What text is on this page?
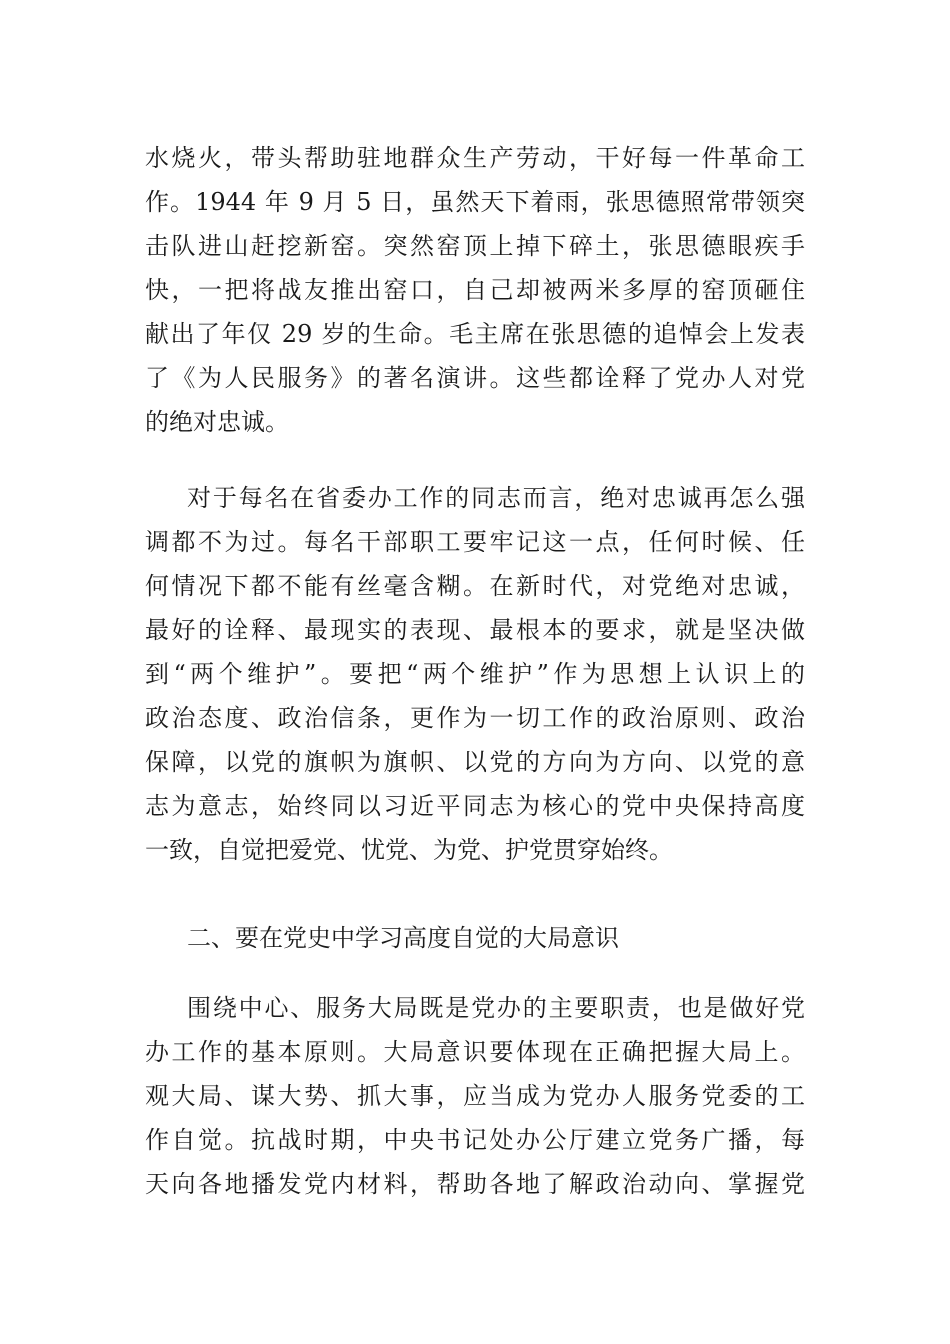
水烧火，带头帮助驻地群众生产劳动，干好每一件革命工
作。1944 年 9 月 5 日，虽然天下着雨，张思德照常带领突
击队进山赶挖新窑。突然窑顶上掉下碎土，张思德眼疾手
快，一把将战友推出窑口，自己却被两米多厚的窑顶砸住
献出了年仅 29 岁的生命。毛主席在张思德的追悼会上发表
了《为人民服务》的著名演讲。这些都诠释了党办人对党
的绝对忠诚。
对于每名在省委办工作的同志而言，绝对忠诚再怎么强
调都不为过。每名干部职工要牢记这一点，任何时候、任
何情况下都不能有丝毫含糊。在新时代，对党绝对忠诚，
最好的诠释、最现实的表现、最根本的要求，就是坚决做
到“两个维护”。要把“两个维护”作为思想上认识上的
政治态度、政治信条，更作为一切工作的政治原则、政治
保障，以党的旗帜为旗帜、以党的方向为方向、以党的意
志为意志，始终同以习近平同志为核心的党中央保持高度
一致，自觉把爱党、忧党、为党、护党贯穿始终。
二、要在党史中学习高度自觉的大局意识
围绕中心、服务大局既是党办的主要职责，也是做好党
办工作的基本原则。大局意识要体现在正确把握大局上。
观大局、谋大势、抓大事，应当成为党办人服务党委的工
作自觉。抗战时期，中央书记处办公厅建立党务广播，每
天向各地播发党内材料，帮助各地了解政治动向、掌握党
